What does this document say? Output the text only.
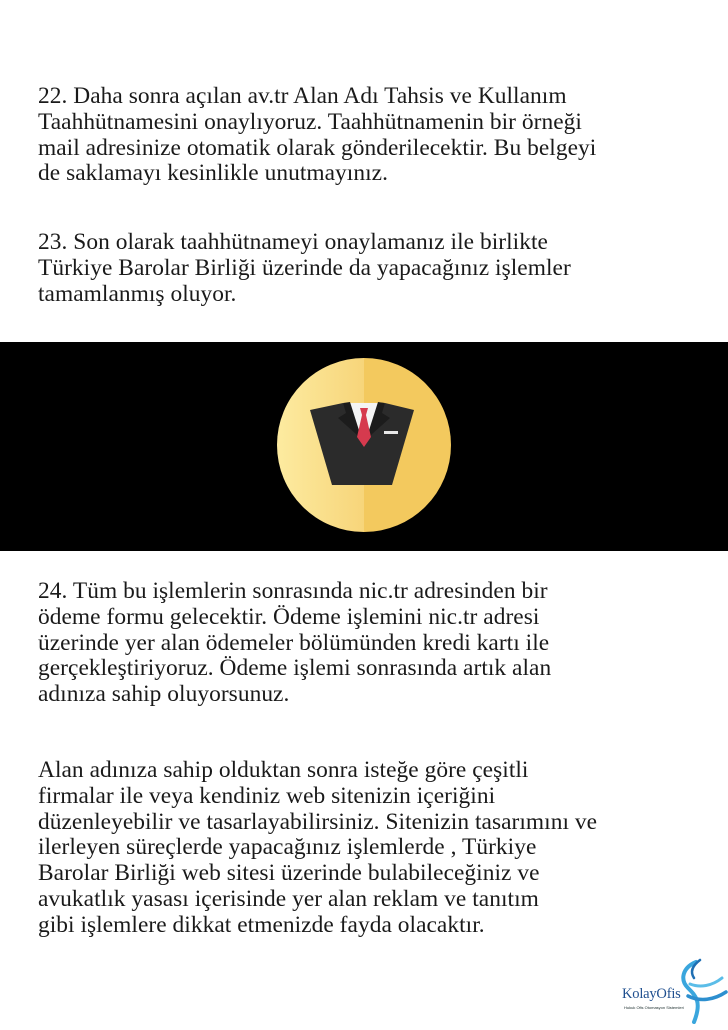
22. Daha sonra açılan av.tr Alan Adı Tahsis ve Kullanım
Taahhütnamesini onaylıyoruz. Taahhütnamenin bir örneği
mail adresinize otomatik olarak gönderilecektir. Bu belgeyi
de saklamayı kesinlikle unutmayınız.

23. Son olarak taahhütnameyi onaylamanız ile birlikte
Türkiye Barolar Birliği üzerinde da yapacağınız işlemler
tamamlanmış oluyor.

24. Tüm bu işlemlerin sonrasında nic.tr adresinden bir
ödeme formu gelecektir. Ödeme işlemini nic.tr adresi
üzerinde yer alan ödemeler bölümünden kredi kartı ile
gerçekleştiriyoruz. Ödeme işlemi sonrasında artık alan
adınıza sahip oluyorsunuz.

Alan adınıza sahip olduktan sonra isteğe göre çeşitli
firmalar ile veya kendiniz web sitenizin içeriğini
düzenleyebilir ve tasarlayabilirsiniz. Sitenizin tasarımını ve
ilerleyen süreçlerde yapacağınız işlemlerde , Türkiye
Barolar Birliği web sitesi üzerinde bulabileceğiniz ve
avukatlık yasası içerisinde yer alan reklam ve tanıtım
gibi işlemlere dikkat etmenizde fayda olacaktır.

KolayOfis
Hukuk Ofis Otomasyon Sistemleri
